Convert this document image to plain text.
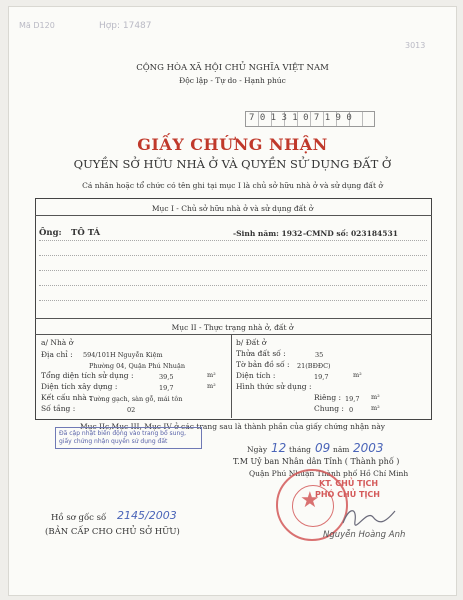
Mã D120	Hợp: 17487
3013
CỘNG HÒA XÃ HỘI CHỦ NGHĨA VIỆT NAM
Độc lập - Tự do - Hạnh phúc
7013107190
GIẤY CHỨNG NHẬN
QUYỀN SỞ HỮU NHÀ Ở VÀ QUYỀN SỬ DỤNG ĐẤT Ở
Cá nhân hoặc tổ chức có tên ghi tại mục I là chủ sở hữu nhà ở và sử dụng đất ở
Mục I - Chủ sở hữu nhà ở và sử dụng đất ở
Ông: TÔ TÁ	-Sinh năm: 1932 -CMND số: 023184531
Mục II - Thực trạng nhà ở, đất ở
a/ Nhà ở
Địa chỉ : 594/101H Nguyễn Kiệm
Phường 04, Quận Phú Nhuận
Tổng diện tích sử dụng :	39,5	m²
Diện tích xây dựng :	19,7	m²
Kết cấu nhà :
Tường gạch, sàn gỗ, mái tôn
Số tầng :	02
b/ Đất ở
Thửa đất số :	35
Tờ bản đồ số : 21(BĐĐC)
Diện tích :	19,7	m²
Hình thức sử dụng :
Riêng : 19,7 m²
Chung : 0	m²
Mục IIc,Mục III, Mục IV ở các trang sau là thành phần của giấy chứng nhận này
Đã cập nhật biến động vào trang bổ sung, giấy chứng nhận quyền sử dụng đất
Ngày 12 tháng 09 năm 2003
T.M Uỷ ban Nhân dân Tỉnh ( Thành phố )
Quận Phú Nhuận Thành phố Hồ Chí Minh
★
KT. CHỦ TỊCH
PHÓ CHỦ TỊCH
Nguyễn Hoàng Anh
Hồ sơ gốc số 2145/2003
(BẢN CẤP CHO CHỦ SỞ HỮU)
